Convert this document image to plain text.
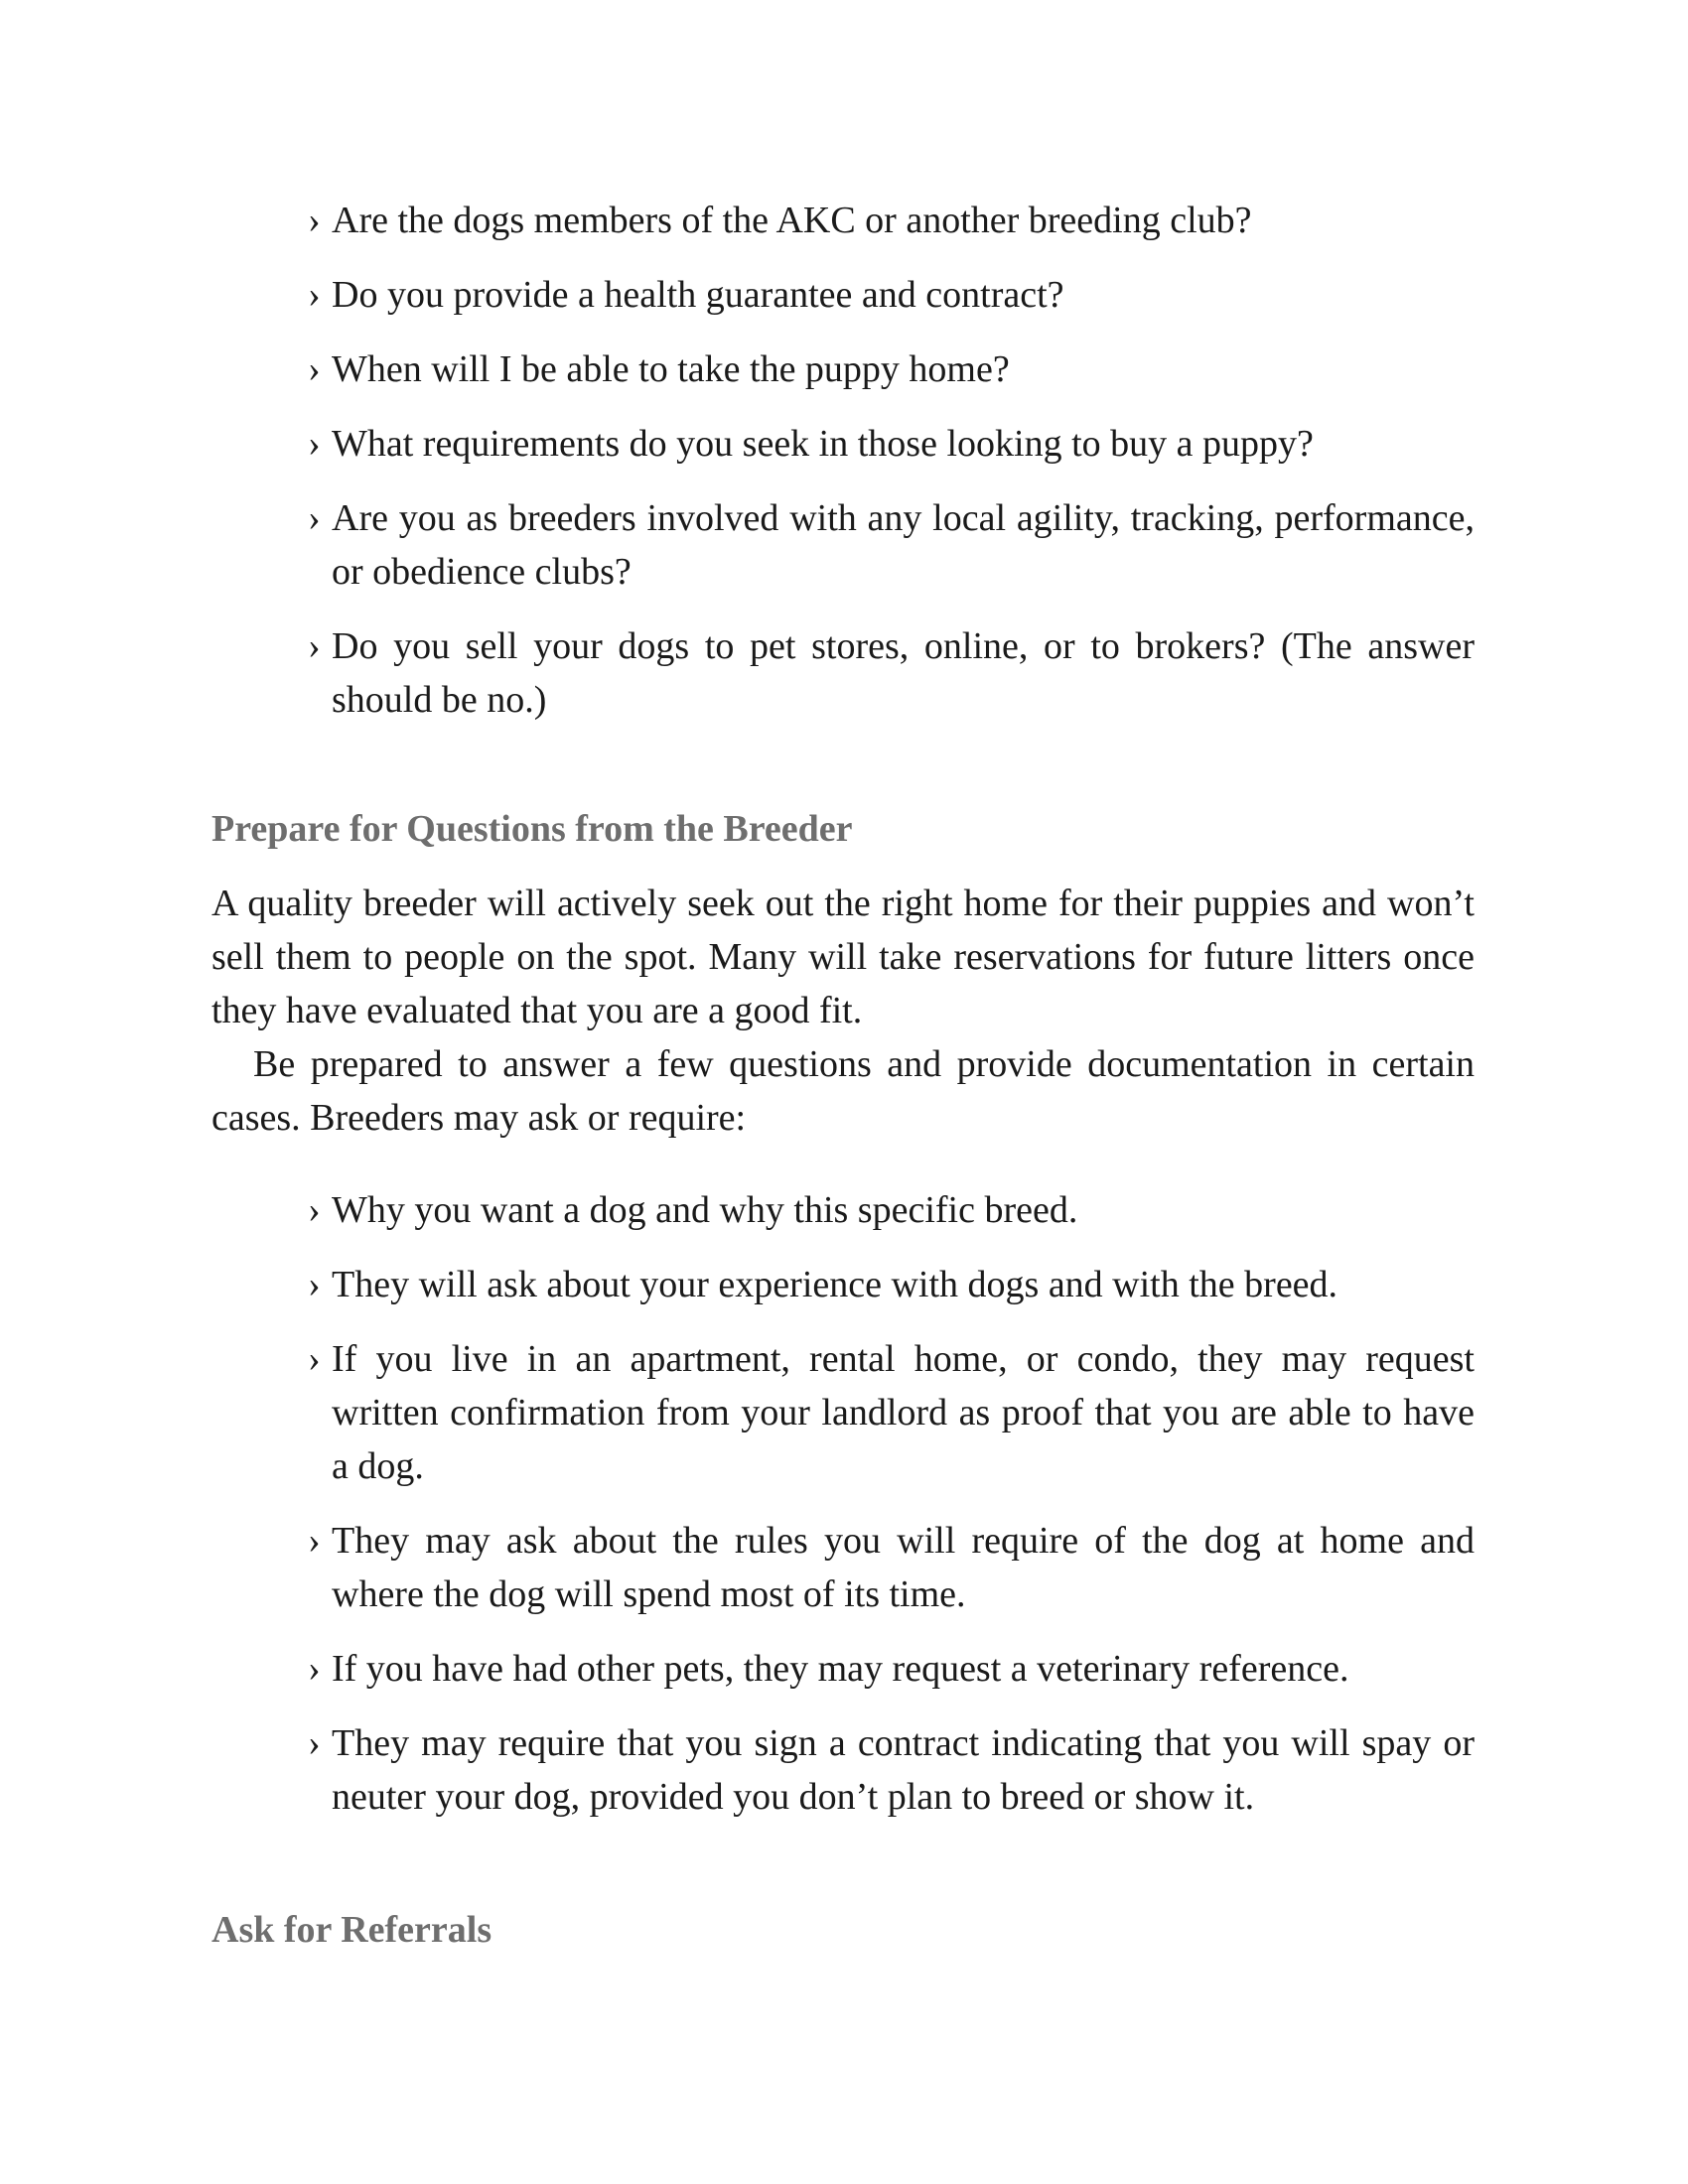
› Are the dogs members of the AKC or another breeding club?
› Do you provide a health guarantee and contract?
› When will I be able to take the puppy home?
› What requirements do you seek in those looking to buy a puppy?
› Are you as breeders involved with any local agility, tracking, performance, or obedience clubs?
› Do you sell your dogs to pet stores, online, or to brokers? (The answer should be no.)
Prepare for Questions from the Breeder

A quality breeder will actively seek out the right home for their puppies and won’t sell them to people on the spot. Many will take reservations for future litters once they have evaluated that you are a good fit.

Be prepared to answer a few questions and provide documentation in certain cases. Breeders may ask or require:

› Why you want a dog and why this specific breed.
› They will ask about your experience with dogs and with the breed.
› If you live in an apartment, rental home, or condo, they may request written confirmation from your landlord as proof that you are able to have a dog.
› They may ask about the rules you will require of the dog at home and where the dog will spend most of its time.
› If you have had other pets, they may request a veterinary reference.
› They may require that you sign a contract indicating that you will spay or neuter your dog, provided you don’t plan to breed or show it.
Ask for Referrals
